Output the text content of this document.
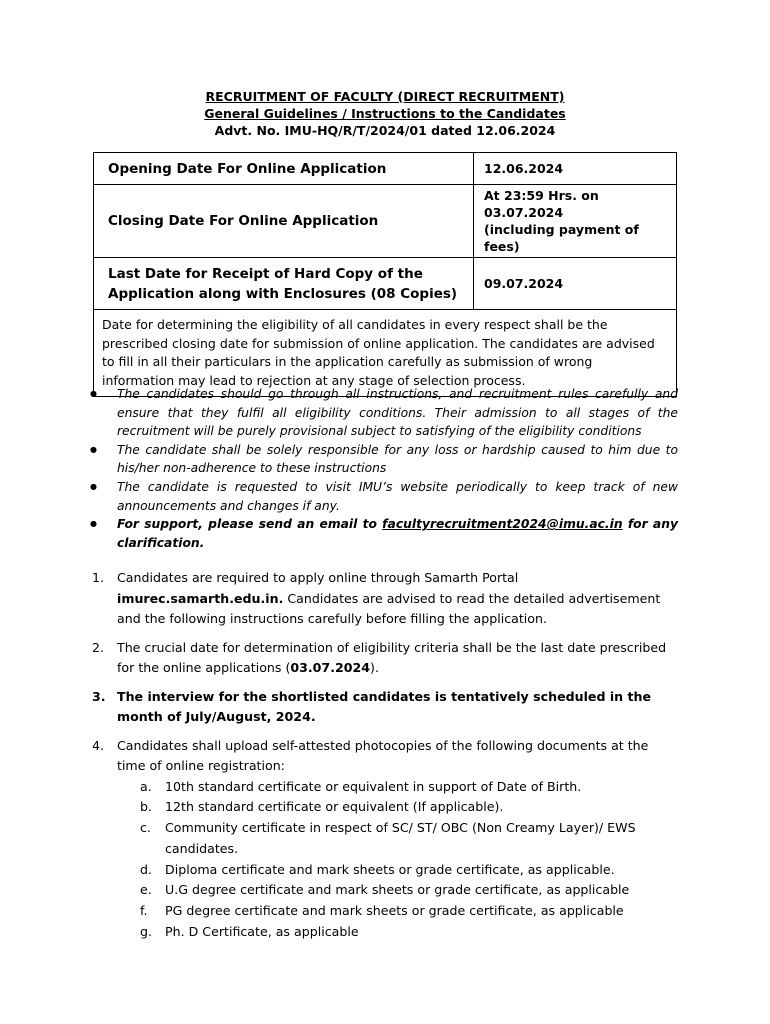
RECRUITMENT OF FACULTY (DIRECT RECRUITMENT)
General Guidelines / Instructions to the Candidates
Advt. No. IMU-HQ/R/T/2024/01 dated 12.06.2024
Opening Date For Online Application	12.06.2024
Closing Date For Online Application	At 23:59 Hrs. on 03.07.2024
(including payment of fees)

Last Date for Receipt of Hard Copy of the
Application along with Enclosures (08 Copies)	09.07.2024
Date for determining the eligibility of all candidates in every respect shall be the prescribed closing date for submission of online application. The candidates are advised to fill in all their particulars in the application carefully as submission of wrong information may lead to rejection at any stage of selection process.	
● The candidates should go through all instructions, and recruitment rules carefully and ensure that they fulfil all eligibility conditions. Their admission to all stages of the recruitment will be purely provisional subject to satisfying of the eligibility conditions
● The candidate shall be solely responsible for any loss or hardship caused to him due to his/her non-adherence to these instructions
● The candidate is requested to visit IMU’s website periodically to keep track of new announcements and changes if any.
● For support, please send an email to facultyrecruitment2024@imu.ac.in for any clarification.
1. Candidates are required to apply online through Samarth Portal imurec.samarth.edu.in. Candidates are advised to read the detailed advertisement and the following instructions carefully before filling the application.
2. The crucial date for determination of eligibility criteria shall be the last date prescribed for the online applications (03.07.2024).
3. The interview for the shortlisted candidates is tentatively scheduled in the month of July/August, 2024.
4. Candidates shall upload self-attested photocopies of the following documents at the time of online registration:
a. 10th standard certificate or equivalent in support of Date of Birth.
b. 12th standard certificate or equivalent (If applicable).
c. Community certificate in respect of SC/ ST/ OBC (Non Creamy Layer)/ EWS candidates.
d. Diploma certificate and mark sheets or grade certificate, as applicable.
e. U.G degree certificate and mark sheets or grade certificate, as applicable
f. PG degree certificate and mark sheets or grade certificate, as applicable
g. Ph. D Certificate, as applicable
